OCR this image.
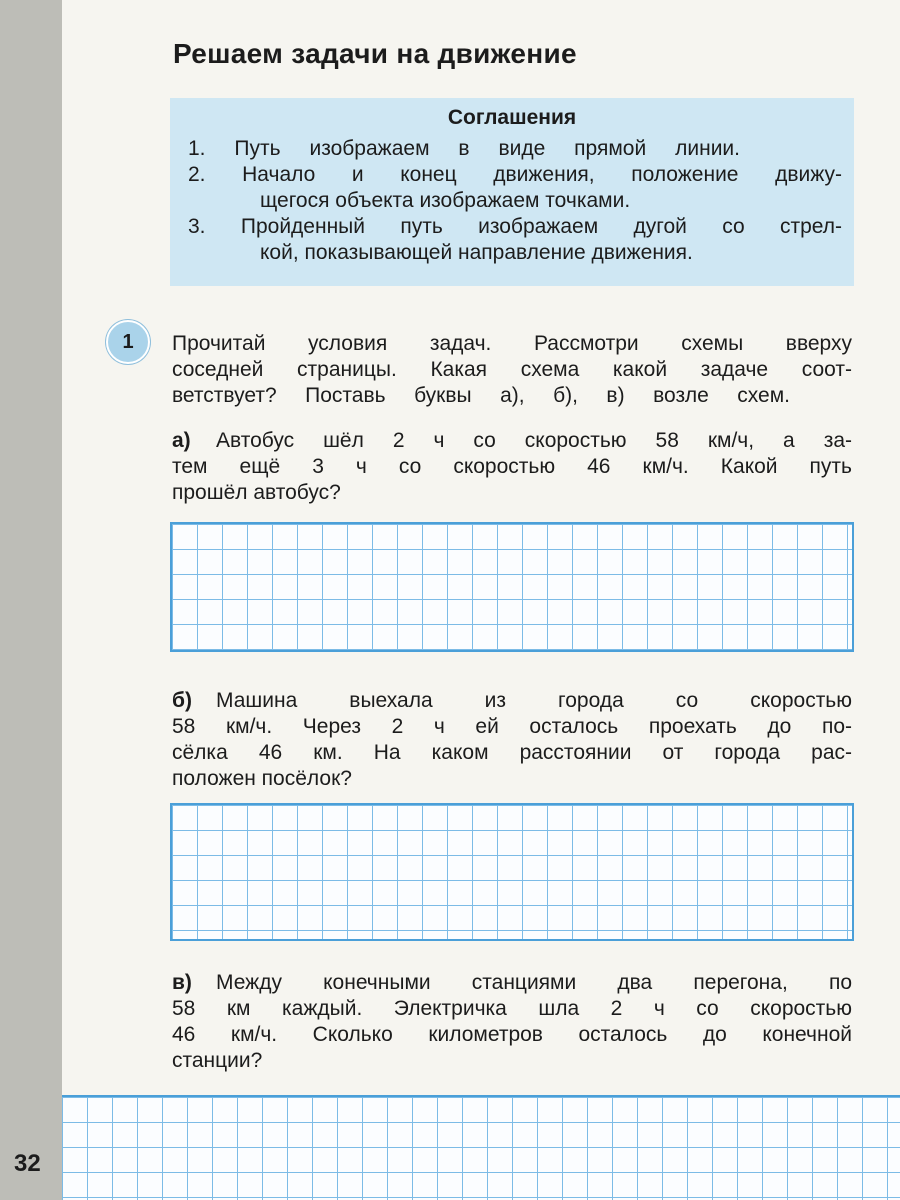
Решаем задачи на движение
Соглашения
1. Путь изображаем в виде прямой линии.
2. Начало и конец движения, положение движу-
щегося объекта изображаем точками.
3. Пройденный путь изображаем дугой со стрел-
кой, показывающей направление движения.
1	Прочитай условия задач. Рассмотри схемы вверху
соседней страницы. Какая схема какой задаче соот-
ветствует? Поставь буквы а), б), в) возле схем.
а) Автобус шёл 2 ч со скоростью 58 км/ч, а за-
тем ещё 3 ч со скоростью 46 км/ч. Какой путь
прошёл автобус?
б) Машина выехала из города со скоростью
58 км/ч. Через 2 ч ей осталось проехать до по-
сёлка 46 км. На каком расстоянии от города рас-
положен посёлок?
в) Между конечными станциями два перегона, по
58 км каждый. Электричка шла 2 ч со скоростью
46 км/ч. Сколько километров осталось до конечной
станции?
32
